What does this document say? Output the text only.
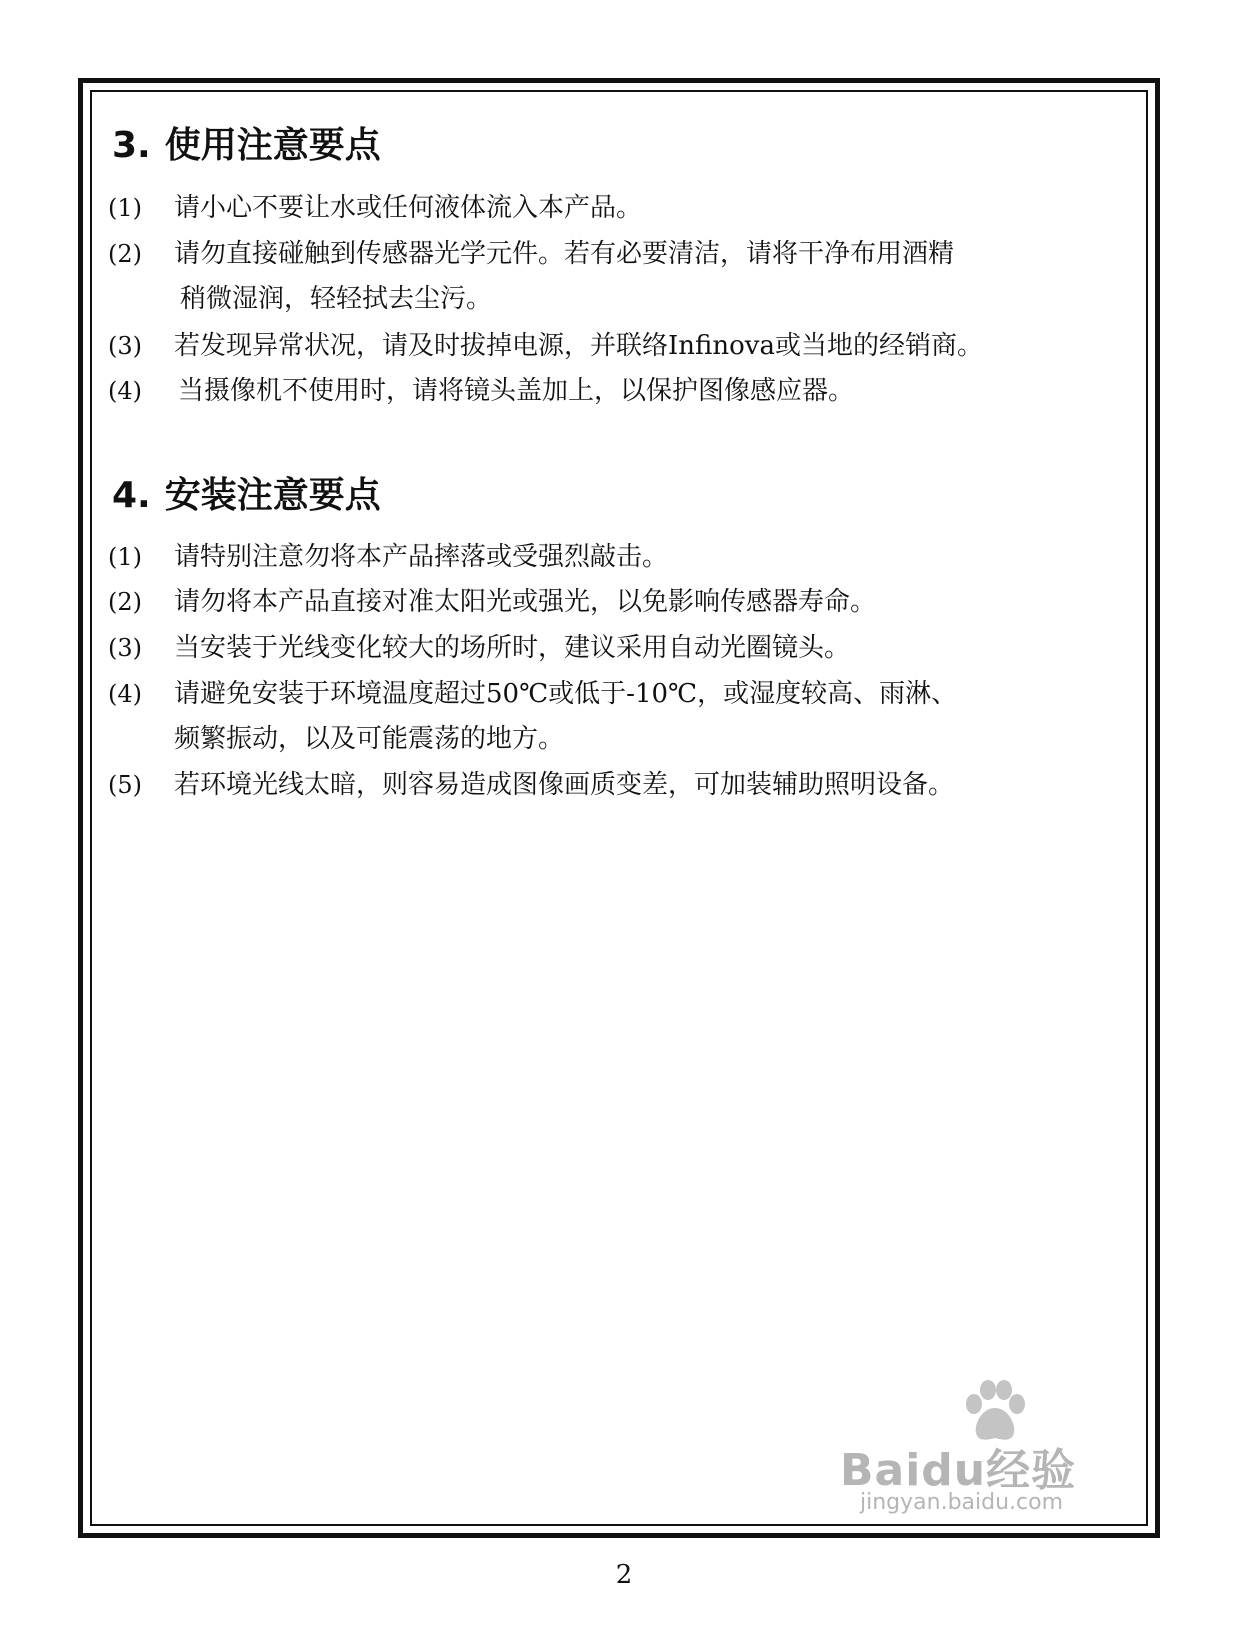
3. 使用注意要点
(1) 请小心不要让水或任何液体流入本产品。
(2) 请勿直接碰触到传感器光学元件。若有必要清洁，请将干净布用酒精
稍微湿润，轻轻拭去尘污。
(3) 若发现异常状况，请及时拔掉电源，并联络Infinova或当地的经销商。
(4) 当摄像机不使用时，请将镜头盖加上，以保护图像感应器。
4. 安装注意要点
(1) 请特别注意勿将本产品摔落或受强烈敲击。
(2) 请勿将本产品直接对准太阳光或强光，以免影响传感器寿命。
(3) 当安装于光线变化较大的场所时，建议采用自动光圈镜头。
(4) 请避免安装于环境温度超过50℃或低于-10℃，或湿度较高、雨淋、
频繁振动，以及可能震荡的地方。
(5) 若环境光线太暗，则容易造成图像画质变差，可加装辅助照明设备。
Baidu经验
jingyan.baidu.com
2
